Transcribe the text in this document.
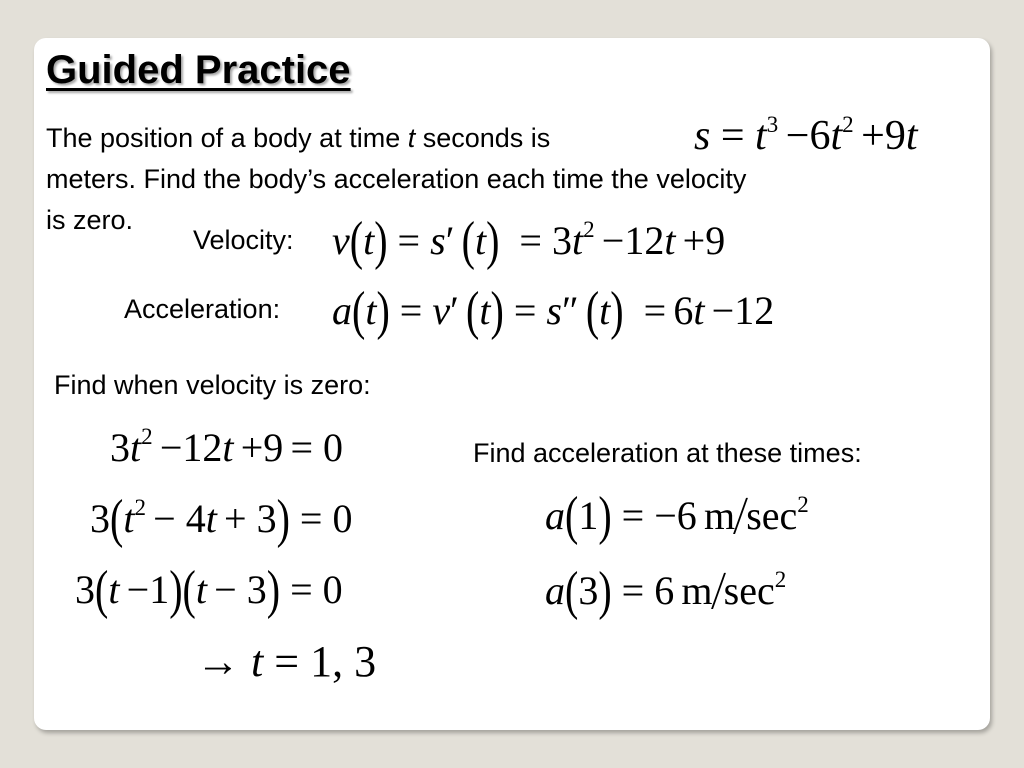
Guided Practice
The position of a body at time t seconds is
meters. Find the body’s acceleration each time the velocity
is zero.
$s = t^3 -6t^2 +9t$
Velocity: v(t) = s′ $(t) = 3t^2 -12t +9$
Acceleration: a(t) = v′ (t) = s″ (t) = 6t −12
Find when velocity is zero:
$3t^2 -12t +9 = 0$
$3(t^2 - 4t + 3) = 0$
3(t −1)(t − 3) = 0
→ t = 1, 3
Find acceleration at these times:
a(1) = −6 $m/\sec^2$
a(3) = 6 $m/\sec^2$
